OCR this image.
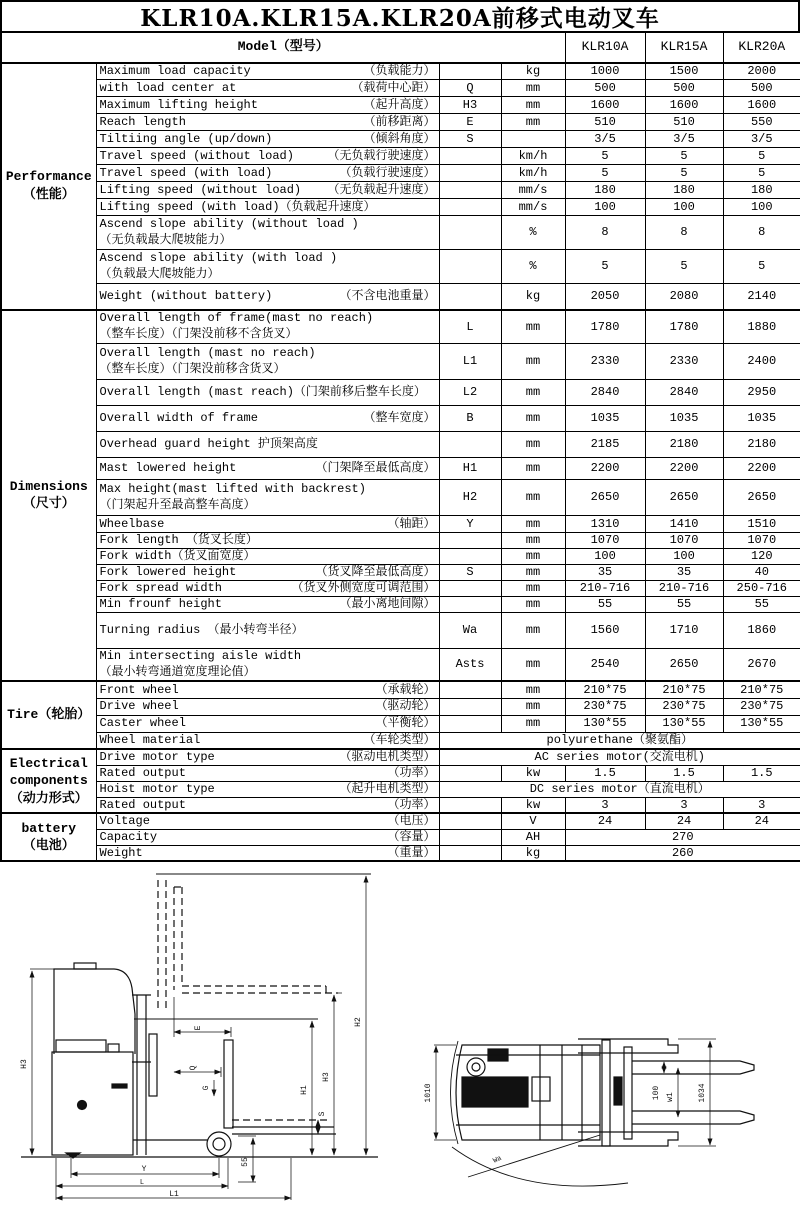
KLR10A.KLR15A.KLR20A前移式电动叉车
Model（型号）				KLR10A	KLR15A	KLR20A
Performance
（性能）	Maximum load capacity （负载能力）		kg	1000	1500	2000

	with load center at （载荷中心距）	Q	mm	500	500	500

	Maximum lifting height （起升高度）	H3	mm	1600	1600	1600

	Reach length （前移距离）	E	mm	510	510	550

	Tiltiing angle (up/down) （倾斜角度）	S		3/5	3/5	3/5

	Travel speed (without load) （无负载行驶速度）		km/h	5	5	5

	Travel speed (with load) （负载行驶速度）		km/h	5	5	5

	Lifting speed (without load) （无负载起升速度）		mm/s	180	180	180
	Lifting speed (with load)（负载起升速度）		mm/s	100	100	100

	Ascend slope ability (without load )
（无负载最大爬坡能力）		%	8	8	8

	Ascend slope ability (with load )
（负载最大爬坡能力）		%	5	5	5

	Weight (without battery) （不含电池重量）		kg	2050	2080	2140
Dimensions
（尺寸）	
Overall length of frame(mast no reach)
（整车长度）（门架没前移不含货叉）
	L	mm	1780	1780	1880

	Overall length (mast no reach)
（整车长度）（门架没前移含货叉）	L1	mm	2330	2330	2400
	Overall length (mast reach)（门架前移后整车长度）	L2	mm	2840	2840	2950

	Overall width of frame （整车宽度）	B	mm	1035	1035	1035
	Overhead guard height 护顶架高度		mm	2185	2180	2180

	Mast lowered height （门架降至最低高度）	H1	mm	2200	2200	2200

	Max height(mast lifted with backrest)
（门架起升至最高整车高度）	H2	mm	2650	2650	2650

	Wheelbase （轴距）	Y	mm	1310	1410	1510
	Fork length （货叉长度）		mm	1070	1070	1070
	Fork width（货叉面宽度）		mm	100	100	120

	Fork lowered height （货叉降至最低高度）	S	mm	35	35	40

	Fork spread width （货叉外侧宽度可调范围）		mm	210-716	210-716	250-716

	Min frounf height （最小离地间隙）		mm	55	55	55
	Turning radius （最小转弯半径）	Wa	mm	1560	1710	1860

	Min intersecting aisle width
（最小转弯通道宽度理论值）	Asts	mm	2540	2650	2670
Tire（轮胎）	Front wheel （承载轮）		mm	210*75	210*75	210*75

	Drive wheel （驱动轮）		mm	230*75	230*75	230*75

	Caster wheel （平衡轮）		mm	130*55	130*55	130*55

	Wheel material （车轮类型）	polyurethane（聚氨酯）				
Electrical
components
（动力形式）	Drive motor type （驱动电机类型）	AC series motor(交流电机)				

	Rated output （功率）		kw	1.5	1.5	1.5

	Hoist motor type （起升电机类型）	DC series motor（直流电机）				

	Rated output （功率）		kw	3	3	3
battery
（电池）	Voltage （电压）		V	24	24	24

	Capacity （容量）		AH	270		

	Weight （重量）		kg	260		
H3
H2
H3
H1
E
Q
G
S
55
Y
L
L1
1010	100 w1	1034
Wa
